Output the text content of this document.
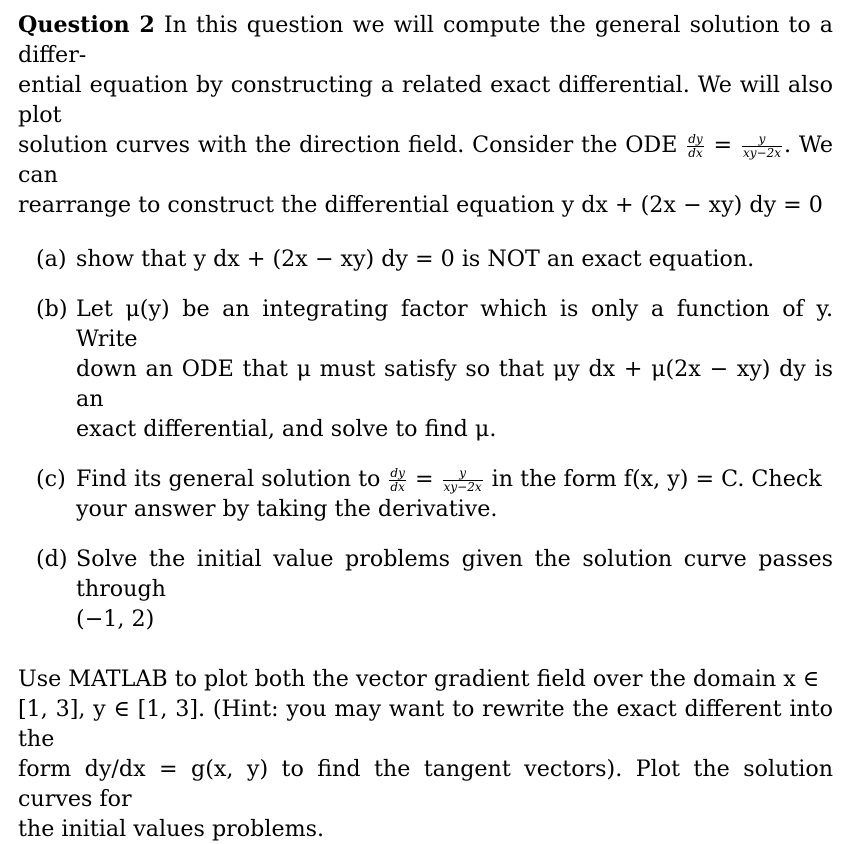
Question 2 In this question we will compute the general solution to a differ-

ential equation by constructing a related exact differential. We will also plot

solution curves with the direction field. Consider the ODE $\frac{dy}{dx} = \frac{y}{xy-2x}$ . We can

rearrange to construct the differential equation y dx + (2x − xy) dy = 0

(a) show that y dx + (2x − xy) dy = 0 is NOT an exact equation.

(b) Let μ(y) be an integrating factor which is only a function of y. Write

down an ODE that μ must satisfy so that μy dx + μ(2x − xy) dy is an

exact differential, and solve to find μ.

(c) Find its general solution to $\frac{dy}{dx} = \frac{y}{xy-2x}$ in the form f(x, y) = C. Check

your answer by taking the derivative.

(d) Solve the initial value problems given the solution curve passes through

(−1, 2)

Use MATLAB to plot both the vector gradient field over the domain x ∈

[1, 3], y ∈ [1, 3]. (Hint: you may want to rewrite the exact different into the

form dy/dx = g(x, y) to find the tangent vectors). Plot the solution curves for

the initial values problems.
